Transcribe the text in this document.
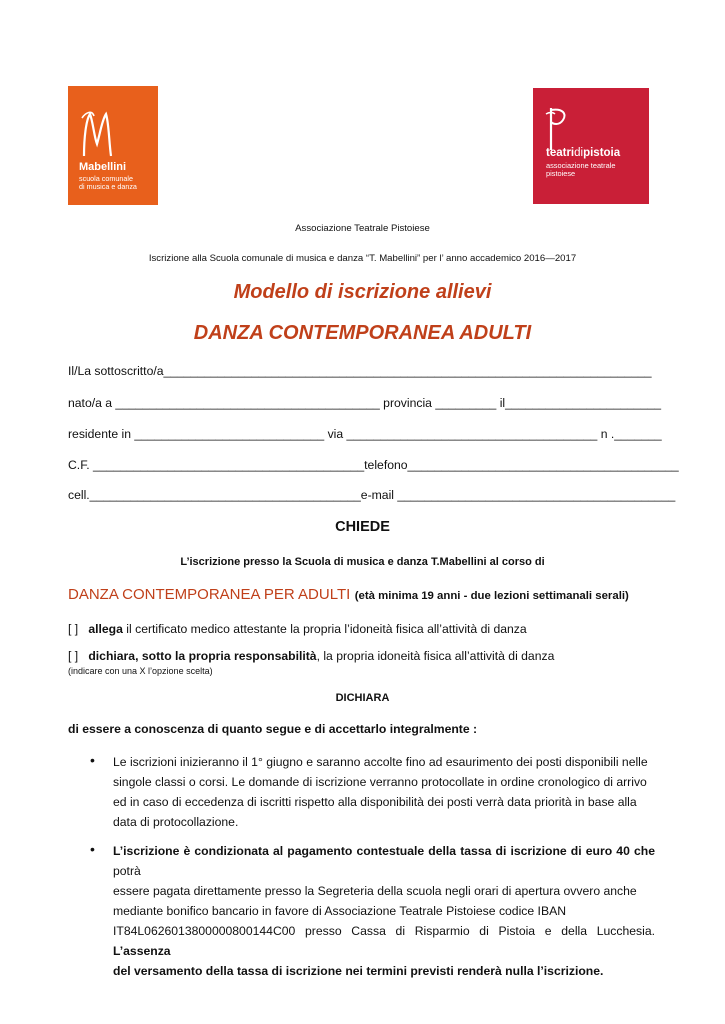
Mabellini
scuola comunale
di musica e danza
teatridipistoia
associazione teatrale
pistoiese
Associazione Teatrale Pistoiese
Iscrizione alla Scuola comunale di musica e danza “T. Mabellini” per l’ anno accademico 2016—2017
Modello di iscrizione allievi
DANZA CONTEMPORANEA ADULTI
Il/La sottoscritto/a________________________________________________________________________
nato/a a _______________________________________ provincia _________ il_______________________
residente in ____________________________ via _____________________________________ n ._______
C.F. ________________________________________telefono________________________________________
cell.________________________________________e-mail _________________________________________
CHIEDE
L’iscrizione presso la Scuola di musica e danza T.Mabellini al corso di
DANZA CONTEMPORANEA PER ADULTI (età minima 19 anni - due lezioni settimanali serali)
[ ] allega il certificato medico attestante la propria l’idoneità fisica all’attività di danza
[ ] dichiara, sotto la propria responsabilità, la propria idoneità fisica all’attività di danza
(indicare con una X l’opzione scelta)
DICHIARA
di essere a conoscenza di quanto segue e di accettarlo integralmente :
• Le iscrizioni inizieranno il 1° giugno e saranno accolte fino ad esaurimento dei posti disponibili nelle
singole classi o corsi. Le domande di iscrizione verranno protocollate in ordine cronologico di arrivo
ed in caso di eccedenza di iscritti rispetto alla disponibilità dei posti verrà data priorità in base alla
data di protocollazione.
• L’iscrizione è condizionata al pagamento contestuale della tassa di iscrizione di euro 40 che potrà
essere pagata direttamente presso la Segreteria della scuola negli orari di apertura ovvero anche
mediante bonifico bancario in favore di Associazione Teatrale Pistoiese codice IBAN
IT84L0626013800000800144C00 presso Cassa di Risparmio di Pistoia e della Lucchesia. L’assenza
del versamento della tassa di iscrizione nei termini previsti renderà nulla l’iscrizione.
